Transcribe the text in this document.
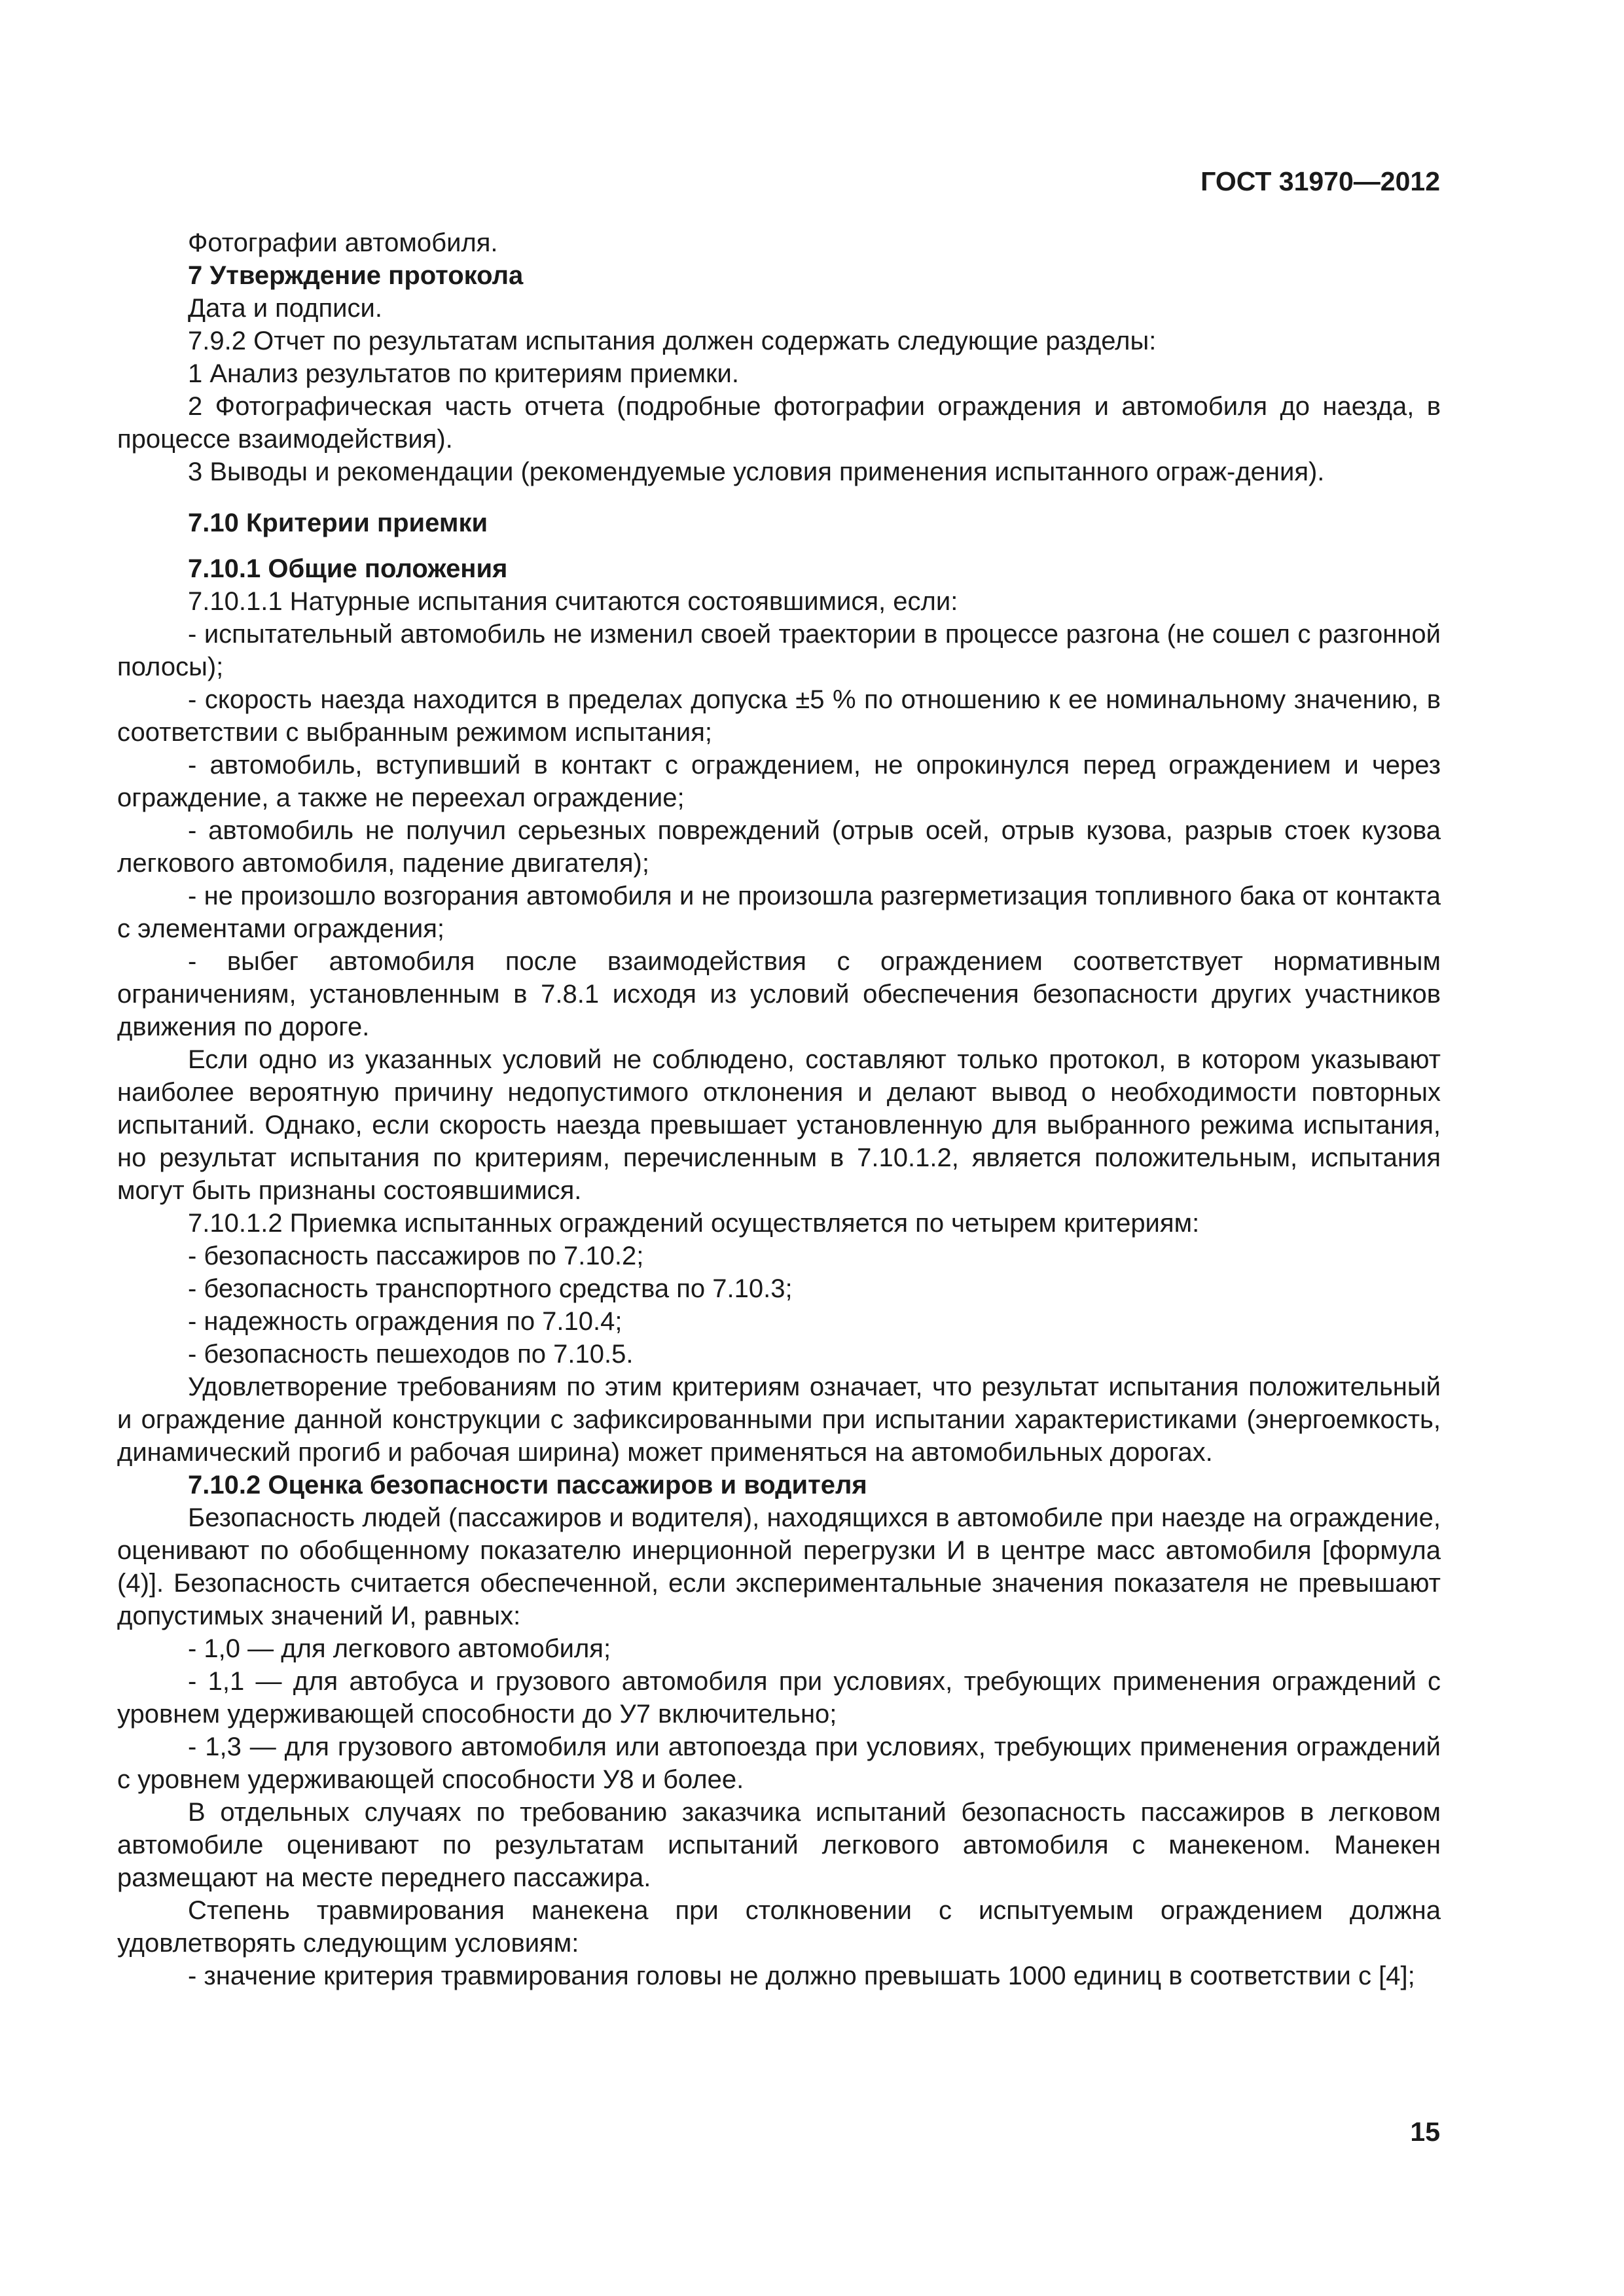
ГОСТ 31970—2012

Фотографии автомобиля.

7 Утверждение протокола

Дата и подписи.

7.9.2 Отчет по результатам испытания должен содержать следующие разделы:

1 Анализ результатов по критериям приемки.

2 Фотографическая часть отчета (подробные фотографии ограждения и автомобиля до наезда, в процессе взаимодействия).

3 Выводы и рекомендации (рекомендуемые условия применения испытанного ограж-дения).

7.10 Критерии приемки

7.10.1 Общие положения

7.10.1.1 Натурные испытания считаются состоявшимися, если:

- испытательный автомобиль не изменил своей траектории в процессе разгона (не сошел с разгонной полосы);

- скорость наезда находится в пределах допуска ±5 % по отношению к ее номинальному значению, в соответствии с выбранным режимом испытания;

- автомобиль, вступивший в контакт с ограждением, не опрокинулся перед ограждением и через ограждение, а также не переехал ограждение;

- автомобиль не получил серьезных повреждений (отрыв осей, отрыв кузова, разрыв стоек кузова легкового автомобиля, падение двигателя);

- не произошло возгорания автомобиля и не произошла разгерметизация топливного бака от контакта с элементами ограждения;

- выбег автомобиля после взаимодействия с ограждением соответствует нормативным ограничениям, установленным в 7.8.1 исходя из условий обеспечения безопасности других участников движения по дороге.

Если одно из указанных условий не соблюдено, составляют только протокол, в котором указывают наиболее вероятную причину недопустимого отклонения и делают вывод о необходимости повторных испытаний. Однако, если скорость наезда превышает установленную для выбранного режима испытания, но результат испытания по критериям, перечисленным в 7.10.1.2, является положительным, испытания могут быть признаны состоявшимися.

7.10.1.2 Приемка испытанных ограждений осуществляется по четырем критериям:

- безопасность пассажиров по 7.10.2;

- безопасность транспортного средства по 7.10.3;

- надежность ограждения по 7.10.4;

- безопасность пешеходов по 7.10.5.

Удовлетворение требованиям по этим критериям означает, что результат испытания положительный и ограждение данной конструкции с зафиксированными при испытании характеристиками (энергоемкость, динамический прогиб и рабочая ширина) может применяться на автомобильных дорогах.

7.10.2 Оценка безопасности пассажиров и водителя

Безопасность людей (пассажиров и водителя), находящихся в автомобиле при наезде на ограждение, оценивают по обобщенному показателю инерционной перегрузки И в центре масс автомобиля [формула (4)]. Безопасность считается обеспеченной, если экспериментальные значения показателя не превышают допустимых значений И, равных:

- 1,0 — для легкового автомобиля;

- 1,1 — для автобуса и грузового автомобиля при условиях, требующих применения ограждений с уровнем удерживающей способности до У7 включительно;

- 1,3 — для грузового автомобиля или автопоезда при условиях, требующих применения ограждений с уровнем удерживающей способности У8 и более.

В отдельных случаях по требованию заказчика испытаний безопасность пассажиров в легковом автомобиле оценивают по результатам испытаний легкового автомобиля с манекеном. Манекен размещают на месте переднего пассажира.

Степень травмирования манекена при столкновении с испытуемым ограждением должна удовлетворять следующим условиям:

- значение критерия травмирования головы не должно превышать 1000 единиц в соответствии с [4];

15
